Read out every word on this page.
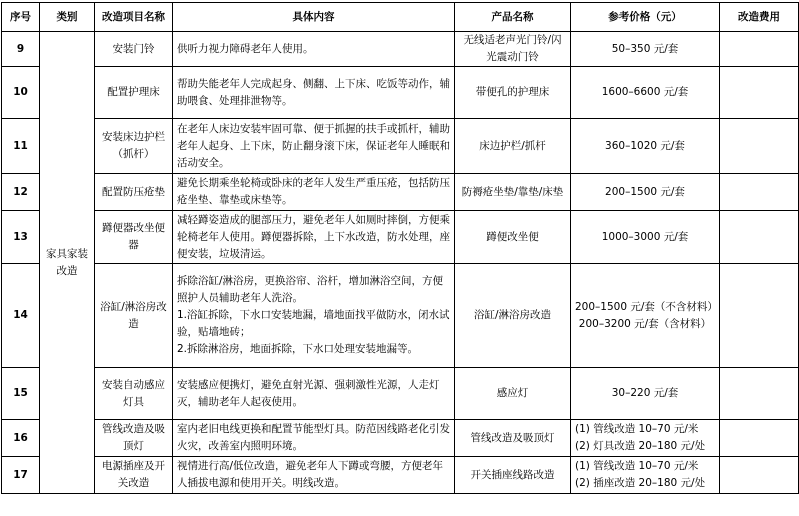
序号	类别	改造项目名称	具体内容	产品名称	参考价格（元）	改造费用
9	家具家装改造	安装门铃	供听力视力障碍老年人使用。	无线适老声光门铃/闪光震动门铃	50–350 元/套	
10		配置护理床	帮助失能老年人完成起身、侧翻、上下床、吃饭等动作，辅助喂食、处理排泄物等。	带便孔的护理床	1600–6600 元/套	
11		安装床边护栏（抓杆）	在老年人床边安装牢固可靠、便于抓握的扶手或抓杆，辅助老年人起身、上下床，防止翻身滚下床，保证老年人睡眠和活动安全。	床边护栏/抓杆	360–1020 元/套	
12		配置防压疮垫	避免长期乘坐轮椅或卧床的老年人发生严重压疮，包括防压疮坐垫、靠垫或床垫等。	防褥疮坐垫/靠垫/床垫	200–1500 元/套	
13		蹲便器改坐便器	减轻蹲姿造成的腿部压力，避免老年人如厕时摔倒，方便乘轮椅老年人使用。蹲便器拆除，上下水改造，防水处理，座便安装，垃圾清运。	蹲便改坐便	1000–3000 元/套	
14		浴缸/淋浴房改造	拆除浴缸/淋浴房，更换浴帘、浴杆，增加淋浴空间，方便照护人员辅助老年人洗浴。
1.浴缸拆除，下水口安装地漏，墙地面找平做防水，闭水试验，贴墙地砖；
2.拆除淋浴房，地面拆除，下水口处理安装地漏等。	浴缸/淋浴房改造	200–1500 元/套（不含材料）
200–3200 元/套（含材料）	

15		安装自动感应灯具	安装感应便携灯，避免直射光源、强刺激性光源，人走灯灭，辅助老年人起夜使用。	感应灯	30–220 元/套	
16		管线改造及吸顶灯	室内老旧电线更换和配置节能型灯具。防范因线路老化引发火灾，改善室内照明环境。	管线改造及吸顶灯	(1) 管线改造 10–70 元/米
(2) 灯具改造 20–180 元/处	

17		电源插座及开关改造	视情进行高/低位改造，避免老年人下蹲或弯腰，方便老年人插拔电源和使用开关。明线改造。	开关插座线路改造	(1) 管线改造 10–70 元/米
(2) 插座改造 20–180 元/处	
